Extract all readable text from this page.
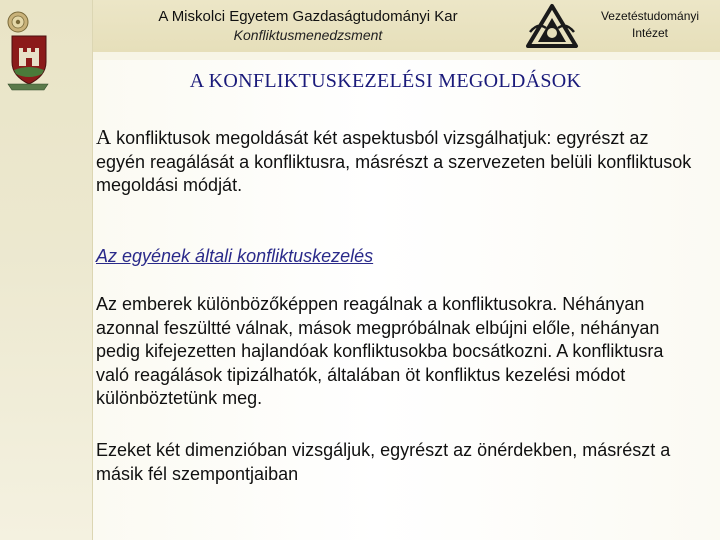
A Miskolci Egyetem Gazdaságtudományi Kar
Konfliktusmenedzsment
Vezetéstudományi
Intézet
A KONFLIKTUSKEZELÉSI MEGOLDÁSOK
A konfliktusok megoldását két aspektusból vizsgálhatjuk: egyrészt az egyén reagálását a konfliktusra, másrészt a szervezeten belüli konfliktusok megoldási módját.
Az egyének általi konfliktuskezelés
Az emberek különbözőképpen reagálnak a konfliktusokra. Néhányan azonnal feszültté válnak, mások megpróbálnak elbújni előle, néhányan pedig kifejezetten hajlandóak konfliktusokba bocsátkozni. A konfliktusra való reagálások tipizálhatók, általában öt konfliktus kezelési módot különböztetünk meg.
Ezeket két dimenzióban vizsgáljuk, egyrészt az önérdekben, másrészt a másik fél szempontjaiban
